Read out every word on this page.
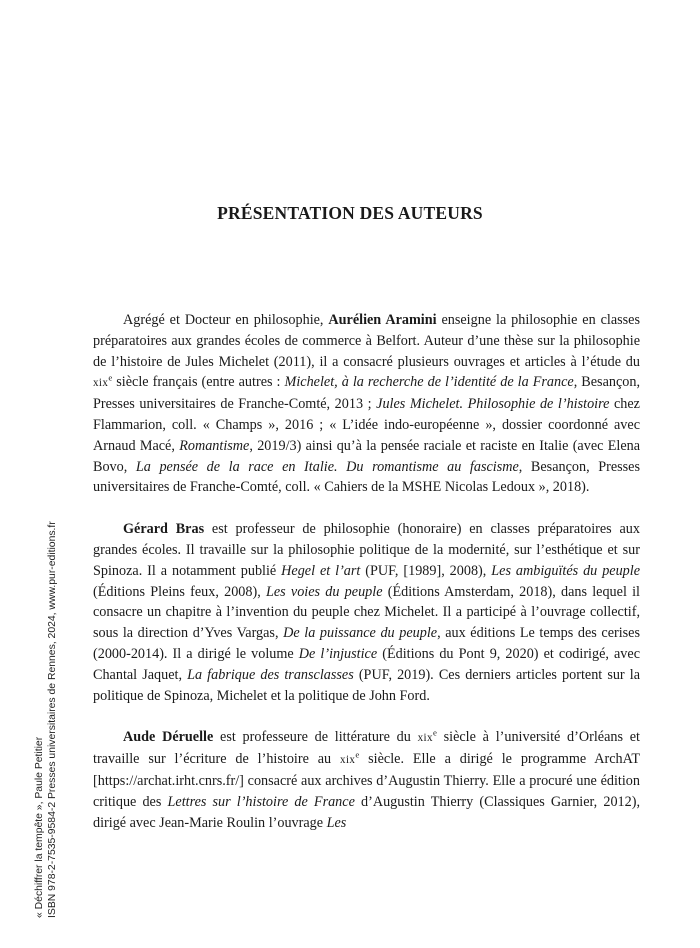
PRÉSENTATION DES AUTEURS

Agrégé et Docteur en philosophie, Aurélien Aramini enseigne la philosophie en classes préparatoires aux grandes écoles de commerce à Belfort. Auteur d’une thèse sur la philosophie de l’histoire de Jules Michelet (2011), il a consacré plusieurs ouvrages et articles à l’étude du xix$^e$ siècle français (entre autres : Michelet, à la recherche de l’identité de la France, Besançon, Presses universitaires de Franche-Comté, 2013 ; Jules Michelet. Philosophie de l’histoire chez Flammarion, coll. « Champs », 2016 ; « L’idée indo-européenne », dossier coordonné avec Arnaud Macé, Romantisme, 2019/3) ainsi qu’à la pensée raciale et raciste en Italie (avec Elena Bovo, La pensée de la race en Italie. Du romantisme au fascisme, Besançon, Presses universitaires de Franche-Comté, coll. « Cahiers de la MSHE Nicolas Ledoux », 2018).

Gérard Bras est professeur de philosophie (honoraire) en classes préparatoires aux grandes écoles. Il travaille sur la philosophie politique de la modernité, sur l’esthétique et sur Spinoza. Il a notamment publié Hegel et l’art (PUF, [1989], 2008), Les ambiguïtés du peuple (Éditions Pleins feux, 2008), Les voies du peuple (Éditions Amsterdam, 2018), dans lequel il consacre un chapitre à l’invention du peuple chez Michelet. Il a participé à l’ouvrage collectif, sous la direction d’Yves Vargas, De la puissance du peuple, aux éditions Le temps des cerises (2000-2014). Il a dirigé le volume De l’injustice (Éditions du Pont 9, 2020) et codirigé, avec Chantal Jaquet, La fabrique des transclasses (PUF, 2019). Ces derniers articles portent sur la politique de Spinoza, Michelet et la politique de John Ford.

Aude Déruelle est professeure de littérature du xix$^e$ siècle à l’université d’Orléans et travaille sur l’écriture de l’histoire au xix$^e$ siècle. Elle a dirigé le programme ArchAT [https://archat.irht.cnrs.fr/] consacré aux archives d’Augustin Thierry. Elle a procuré une édition critique des Lettres sur l’histoire de France d’Augustin Thierry (Classiques Garnier, 2012), dirigé avec Jean-Marie Roulin l’ouvrage Les

« Déchiffrer la tempête », Paule Petitier ISBN 978-2-7535-9584-2 Presses universitaires de Rennes, 2024, www.pur-editions.fr
